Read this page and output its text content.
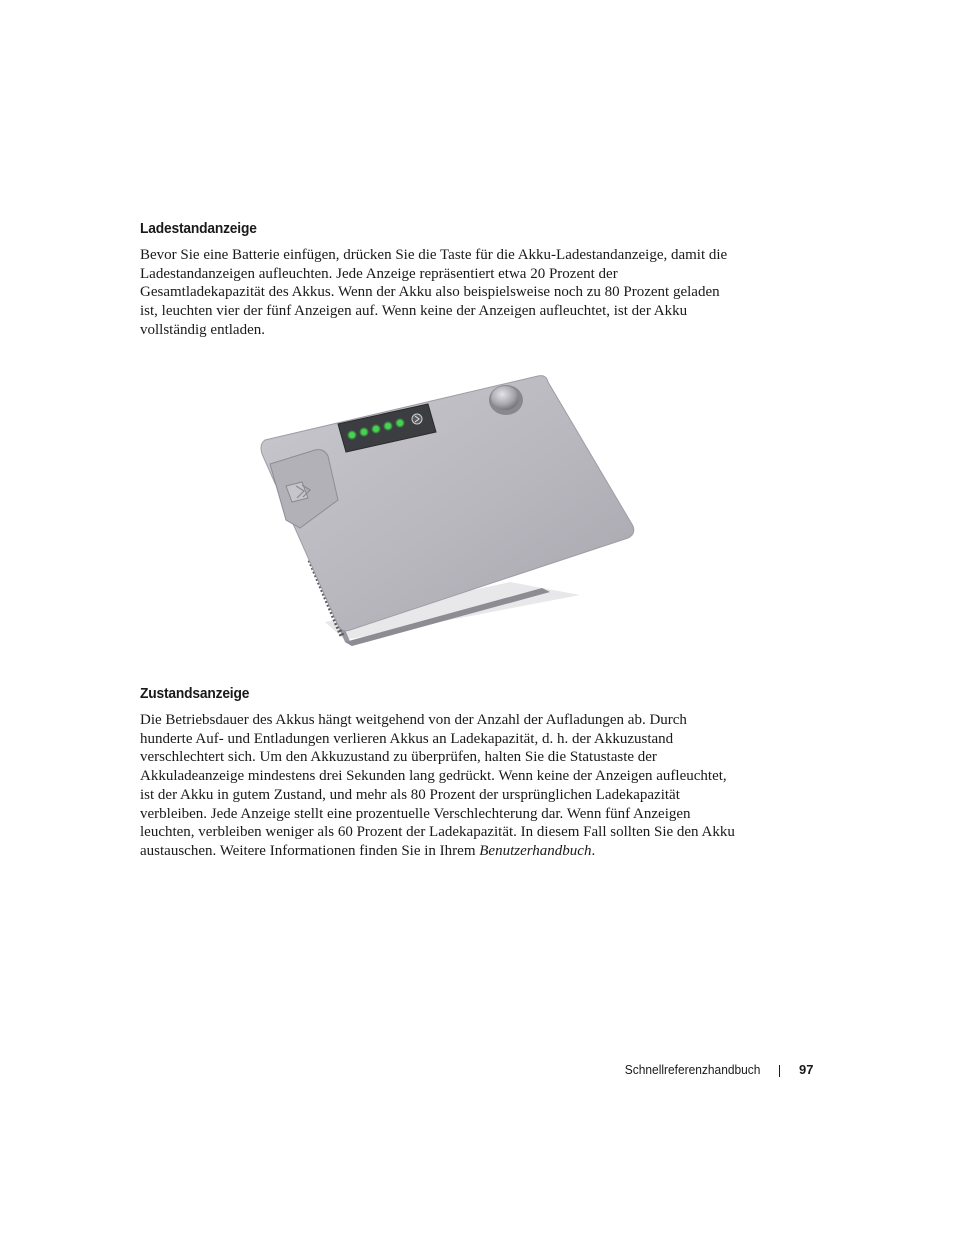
Ladestandanzeige

Bevor Sie eine Batterie einfügen, drücken Sie die Taste für die Akku-Ladestandanzeige, damit die
Ladestandanzeigen aufleuchten. Jede Anzeige repräsentiert etwa 20 Prozent der
Gesamtladekapazität des Akkus. Wenn der Akku also beispielsweise noch zu 80 Prozent geladen
ist, leuchten vier der fünf Anzeigen auf. Wenn keine der Anzeigen aufleuchtet, ist der Akku
vollständig entladen.

Zustandsanzeige

Die Betriebsdauer des Akkus hängt weitgehend von der Anzahl der Aufladungen ab. Durch
hunderte Auf- und Entladungen verlieren Akkus an Ladekapazität, d. h. der Akkuzustand
verschlechtert sich. Um den Akkuzustand zu überprüfen, halten Sie die Statustaste der
Akkuladeanzeige mindestens drei Sekunden lang gedrückt. Wenn keine der Anzeigen aufleuchtet,
ist der Akku in gutem Zustand, und mehr als 80 Prozent der ursprünglichen Ladekapazität
verbleiben. Jede Anzeige stellt eine prozentuelle Verschlechterung dar. Wenn fünf Anzeigen
leuchten, verbleiben weniger als 60 Prozent der Ladekapazität. In diesem Fall sollten Sie den Akku
austauschen. Weitere Informationen finden Sie in Ihrem Benutzerhandbuch.

Schnellreferenzhandbuch	97
